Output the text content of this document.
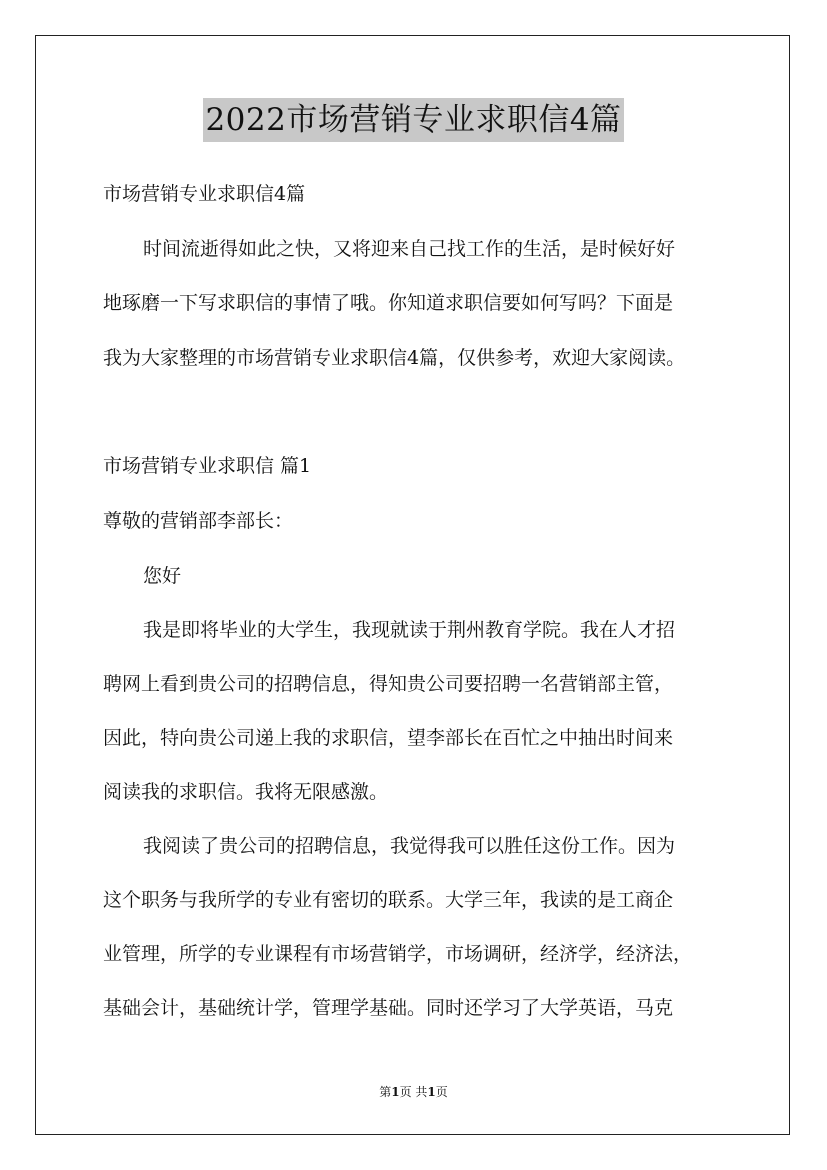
2022市场营销专业求职信4篇
市场营销专业求职信4篇
时间流逝得如此之快，又将迎来自己找工作的生活，是时候好好
地琢磨一下写求职信的事情了哦。你知道求职信要如何写吗？下面是
我为大家整理的市场营销专业求职信4篇，仅供参考，欢迎大家阅读。
市场营销专业求职信 篇1
尊敬的营销部李部长：
您好
我是即将毕业的大学生，我现就读于荆州教育学院。我在人才招
聘网上看到贵公司的招聘信息，得知贵公司要招聘一名营销部主管，
因此，特向贵公司递上我的求职信，望李部长在百忙之中抽出时间来
阅读我的求职信。我将无限感激。
我阅读了贵公司的招聘信息，我觉得我可以胜任这份工作。因为
这个职务与我所学的专业有密切的联系。大学三年，我读的是工商企
业管理，所学的专业课程有市场营销学，市场调研，经济学，经济法，
基础会计，基础统计学，管理学基础。同时还学习了大学英语，马克
第1页 共1页
